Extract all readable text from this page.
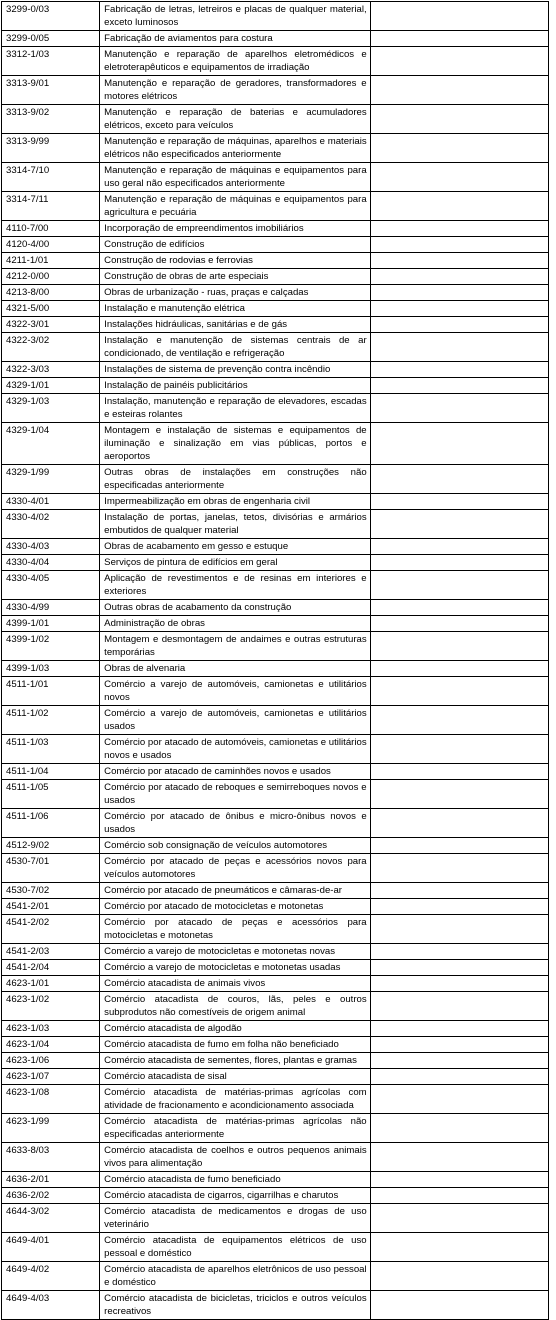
3299-0/03	Fabricação de letras, letreiros e placas de qualquer material, exceto luminosos	
3299-0/05	Fabricação de aviamentos para costura	
3312-1/03	Manutenção e reparação de aparelhos eletromédicos e eletroterapêuticos e equipamentos de irradiação	
3313-9/01	Manutenção e reparação de geradores, transformadores e motores elétricos	
3313-9/02	Manutenção e reparação de baterias e acumuladores elétricos, exceto para veículos	
3313-9/99	Manutenção e reparação de máquinas, aparelhos e materiais elétricos não especificados anteriormente	
3314-7/10	Manutenção e reparação de máquinas e equipamentos para uso geral não especificados anteriormente	
3314-7/11	Manutenção e reparação de máquinas e equipamentos para agricultura e pecuária	
4110-7/00	Incorporação de empreendimentos imobiliários	
4120-4/00	Construção de edifícios	
4211-1/01	Construção de rodovias e ferrovias	
4212-0/00	Construção de obras de arte especiais	
4213-8/00	Obras de urbanização - ruas, praças e calçadas	
4321-5/00	Instalação e manutenção elétrica	
4322-3/01	Instalações hidráulicas, sanitárias e de gás	
4322-3/02	Instalação e manutenção de sistemas centrais de ar condicionado, de ventilação e refrigeração	
4322-3/03	Instalações de sistema de prevenção contra incêndio	
4329-1/01	Instalação de painéis publicitários	
4329-1/03	Instalação, manutenção e reparação de elevadores, escadas e esteiras rolantes	
4329-1/04	Montagem e instalação de sistemas e equipamentos de iluminação e sinalização em vias públicas, portos e aeroportos	
4329-1/99	Outras obras de instalações em construções não especificadas anteriormente	
4330-4/01	Impermeabilização em obras de engenharia civil	
4330-4/02	Instalação de portas, janelas, tetos, divisórias e armários embutidos de qualquer material	
4330-4/03	Obras de acabamento em gesso e estuque	
4330-4/04	Serviços de pintura de edifícios em geral	
4330-4/05	Aplicação de revestimentos e de resinas em interiores e exteriores	
4330-4/99	Outras obras de acabamento da construção	
4399-1/01	Administração de obras	
4399-1/02	Montagem e desmontagem de andaimes e outras estruturas temporárias	
4399-1/03	Obras de alvenaria	
4511-1/01	Comércio a varejo de automóveis, camionetas e utilitários novos	
4511-1/02	Comércio a varejo de automóveis, camionetas e utilitários usados	
4511-1/03	Comércio por atacado de automóveis, camionetas e utilitários novos e usados	
4511-1/04	Comércio por atacado de caminhões novos e usados	
4511-1/05	Comércio por atacado de reboques e semirreboques novos e usados	
4511-1/06	Comércio por atacado de ônibus e micro-ônibus novos e usados	
4512-9/02	Comércio sob consignação de veículos automotores	
4530-7/01	Comércio por atacado de peças e acessórios novos para veículos automotores	
4530-7/02	Comércio por atacado de pneumáticos e câmaras-de-ar	
4541-2/01	Comércio por atacado de motocicletas e motonetas	
4541-2/02	Comércio por atacado de peças e acessórios para motocicletas e motonetas	
4541-2/03	Comércio a varejo de motocicletas e motonetas novas	
4541-2/04	Comércio a varejo de motocicletas e motonetas usadas	
4623-1/01	Comércio atacadista de animais vivos	
4623-1/02	Comércio atacadista de couros, lãs, peles e outros subprodutos não comestíveis de origem animal	
4623-1/03	Comércio atacadista de algodão	
4623-1/04	Comércio atacadista de fumo em folha não beneficiado	
4623-1/06	Comércio atacadista de sementes, flores, plantas e gramas	
4623-1/07	Comércio atacadista de sisal	
4623-1/08	Comércio atacadista de matérias-primas agrícolas com atividade de fracionamento e acondicionamento associada	
4623-1/99	Comércio atacadista de matérias-primas agrícolas não especificadas anteriormente	
4633-8/03	Comércio atacadista de coelhos e outros pequenos animais vivos para alimentação	
4636-2/01	Comércio atacadista de fumo beneficiado	
4636-2/02	Comércio atacadista de cigarros, cigarrilhas e charutos	
4644-3/02	Comércio atacadista de medicamentos e drogas de uso veterinário	
4649-4/01	Comércio atacadista de equipamentos elétricos de uso pessoal e doméstico	
4649-4/02	Comércio atacadista de aparelhos eletrônicos de uso pessoal e doméstico	
4649-4/03	Comércio atacadista de bicicletas, triciclos e outros veículos recreativos	
